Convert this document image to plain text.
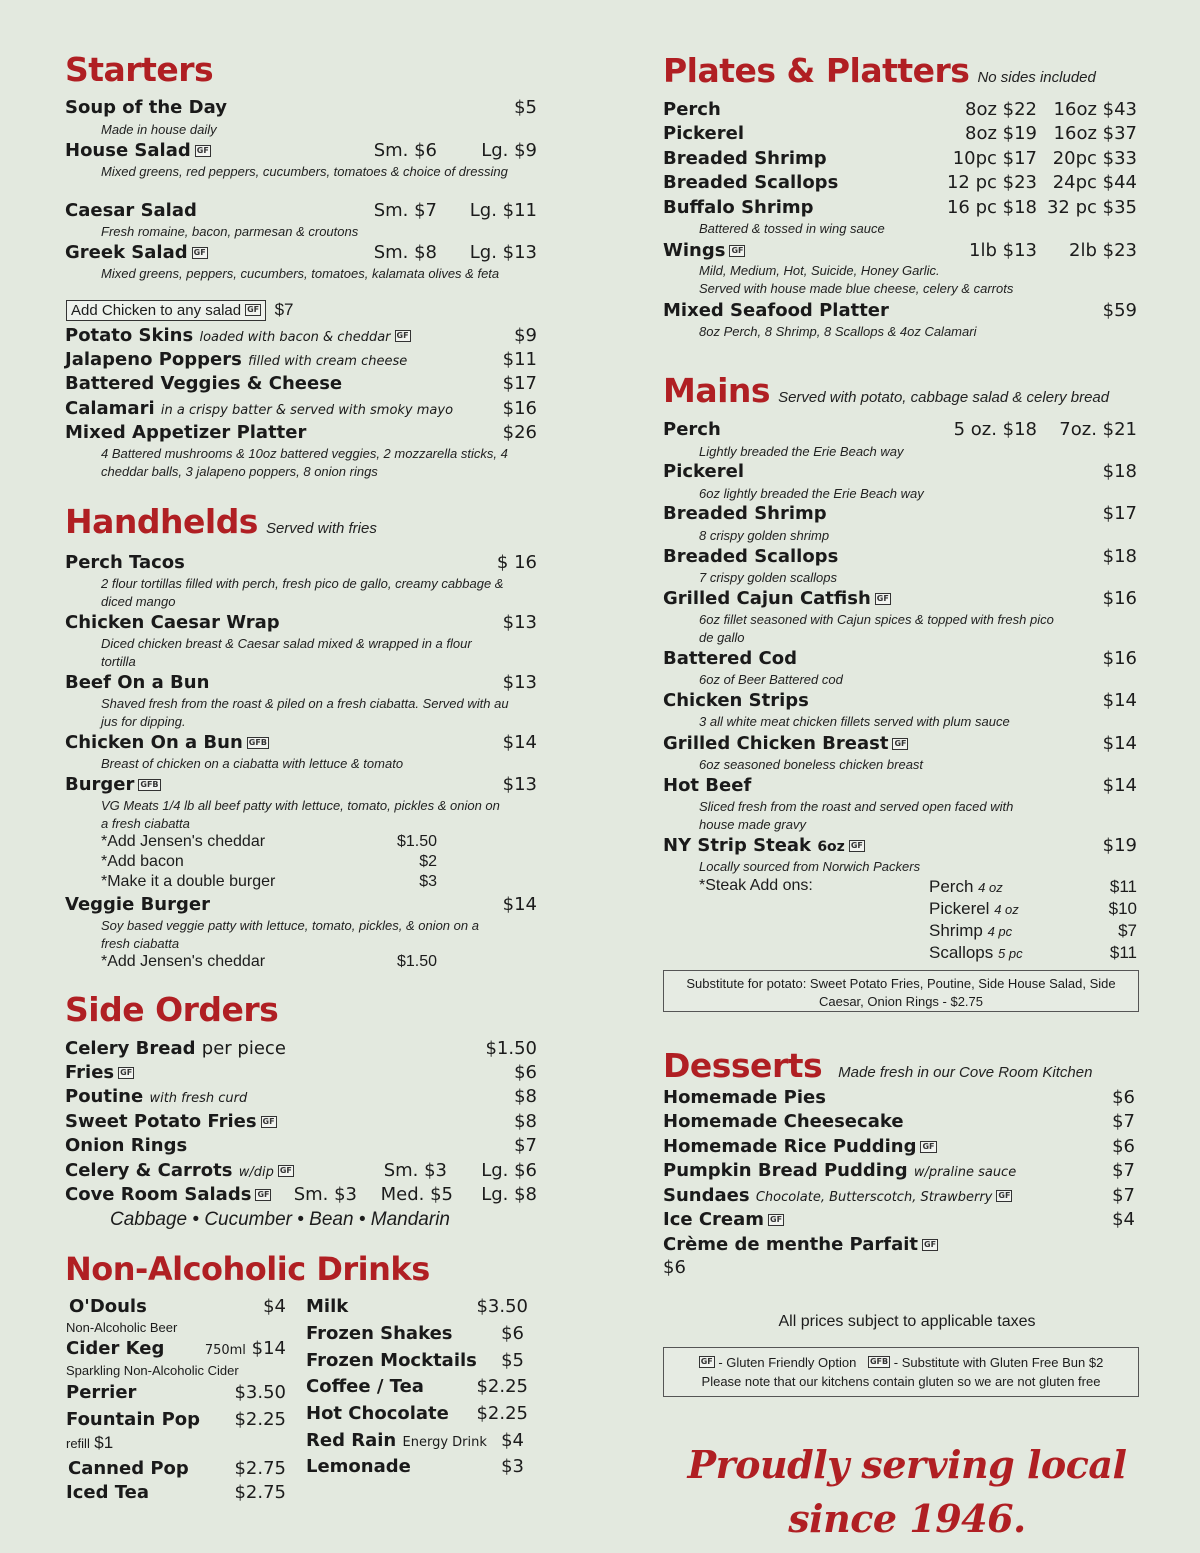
Starters
Soup of the Day	$5
Made in house daily
House Salad GF	Sm. $6 Lg. $9
Mixed greens, red peppers, cucumbers, tomatoes & choice of dressing
Caesar Salad	Sm. $7 Lg. $11
Fresh romaine, bacon, parmesan & croutons
Greek Salad GF	Sm. $8 Lg. $13
Mixed greens, peppers, cucumbers, tomatoes, kalamata olives & feta
Add Chicken to any salad GF $7
Potato Skins loaded with bacon & cheddar GF	$9
Jalapeno Poppers filled with cream cheese	$11
Battered Veggies & Cheese	$17
Calamari in a crispy batter & served with smoky mayo	$16
Mixed Appetizer Platter	$26
4 Battered mushrooms & 10oz battered veggies, 2 mozzarella sticks, 4 cheddar balls, 3 jalapeno poppers, 8 onion rings
Handhelds Served with fries
Perch Tacos	$ 16
2 flour tortillas filled with perch, fresh pico de gallo, creamy cabbage & diced mango
Chicken Caesar Wrap	$13
Diced chicken breast & Caesar salad mixed & wrapped in a flour tortilla
Beef On a Bun	$13
Shaved fresh from the roast & piled on a fresh ciabatta. Served with au jus for dipping.
Chicken On a Bun GFB	$14
Breast of chicken on a ciabatta with lettuce & tomato
Burger GFB	$13
VG Meats 1/4 lb all beef patty with lettuce, tomato, pickles & onion on a fresh ciabatta
*Add Jensen's cheddar	$1.50
*Add bacon	$2
*Make it a double burger	$3
Veggie Burger	$14
Soy based veggie patty with lettuce, tomato, pickles, & onion on a fresh ciabatta
*Add Jensen's cheddar	$1.50
Side Orders
Celery Bread per piece	$1.50
Fries GF	$6
Poutine with fresh curd	$8
Sweet Potato Fries GF	$8
Onion Rings	$7
Celery & Carrots w/dip GF	Sm. $3 Lg. $6
Cove Room Salads GF Sm. $3 Med. $5 Lg. $8
Cabbage • Cucumber • Bean • Mandarin
Non-Alcoholic Drinks
O'Douls	$4
Non-Alcoholic Beer
Cider Keg	750ml $14
Sparkling Non-Alcoholic Cider
Perrier	$3.50
Fountain Pop $2.25
refill $1
Canned Pop	$2.75
Iced Tea	$2.75
Milk	$3.50
Frozen Shakes	$6
Frozen Mocktails $5
Coffee / Tea	$2.25
Hot Chocolate $2.25
Red Rain Energy Drink $4
Lemonade	$3
Plates & Platters No sides included
Perch	8oz $22 16oz $43
Pickerel	8oz $19 16oz $37
Breaded Shrimp	10pc $17 20pc $33
Breaded Scallops	12 pc $23 24pc $44
Buffalo Shrimp	16 pc $18 32 pc $35
Battered & tossed in wing sauce
Wings GF	1lb $13 2lb $23
Mild, Medium, Hot, Suicide, Honey Garlic.
Served with house made blue cheese, celery & carrots
Mixed Seafood Platter	$59
8oz Perch, 8 Shrimp, 8 Scallops & 4oz Calamari
Mains Served with potato, cabbage salad & celery bread
Perch	5 oz. $18 7oz. $21
Lightly breaded the Erie Beach way
Pickerel	$18
6oz lightly breaded the Erie Beach way
Breaded Shrimp	$17
8 crispy golden shrimp
Breaded Scallops	$18
7 crispy golden scallops
Grilled Cajun Catfish GF	$16
6oz fillet seasoned with Cajun spices & topped with fresh pico de gallo
Battered Cod	$16
6oz of Beer Battered cod
Chicken Strips	$14
3 all white meat chicken fillets served with plum sauce
Grilled Chicken Breast GF	$14
6oz seasoned boneless chicken breast
Hot Beef	$14
Sliced fresh from the roast and served open faced with house made gravy
NY Strip Steak 6oz GF	$19
Locally sourced from Norwich Packers
*Steak Add ons:	Perch 4 oz	$11
Pickerel 4 oz	$10
Shrimp 4 pc	$7
Scallops 5 pc	$11
Substitute for potato: Sweet Potato Fries, Poutine, Side House Salad, Side Caesar, Onion Rings - $2.75
Desserts Made fresh in our Cove Room Kitchen
Homemade Pies	$6
Homemade Cheesecake	$7
Homemade Rice Pudding GF	$6
Pumpkin Bread Pudding w/praline sauce	$7
Sundaes Chocolate, Butterscotch, Strawberry GF	$7
Ice Cream GF	$4
Crème de menthe Parfait GF
$6
All prices subject to applicable taxes
GF - Gluten Friendly Option GFB - Substitute with Gluten Free Bun $2
Please note that our kitchens contain gluten so we are not gluten free
Proudly serving local
since 1946.
